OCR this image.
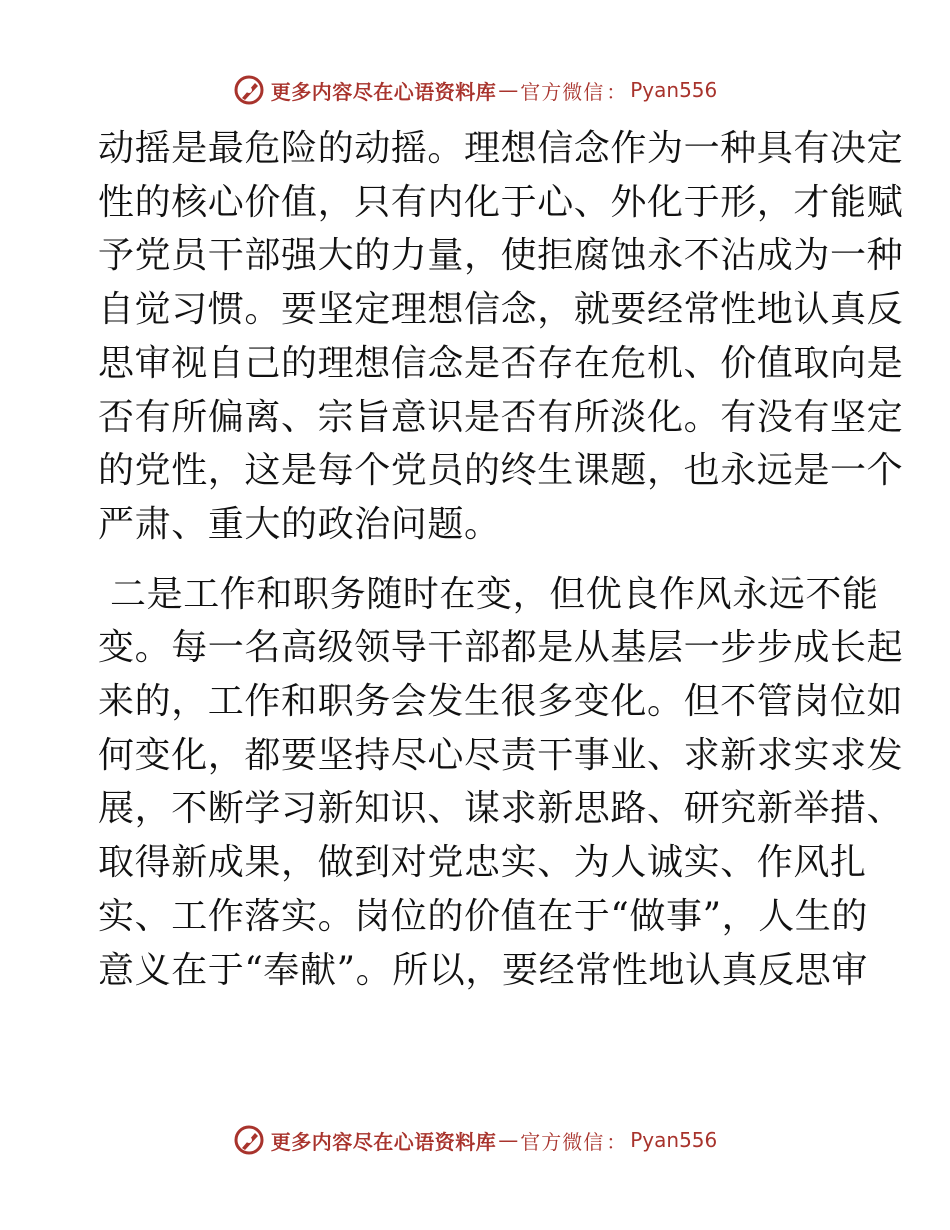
更多内容尽在心语资料库 — 官方微信 ： Pyan556

动摇是最危险的动摇。理想信念作为一种具有决定
性的核心价值，只有内化于心、外化于形，才能赋
予党员干部强大的力量，使拒腐蚀永不沾成为一种
自觉习惯。要坚定理想信念，就要经常性地认真反
思审视自己的理想信念是否存在危机、价值取向是
否有所偏离、宗旨意识是否有所淡化。有没有坚定
的党性，这是每个党员的终生课题，也永远是一个
严肃、重大的政治问题。

二是工作和职务随时在变，但优良作风永远不能
变。每一名高级领导干部都是从基层一步步成长起
来的，工作和职务会发生很多变化。但不管岗位如
何变化，都要坚持尽心尽责干事业、求新求实求发
展，不断学习新知识、谋求新思路、研究新举措、
取得新成果，做到对党忠实、为人诚实、作风扎
实、工作落实。岗位的价值在于“做事”，人生的
意义在于“奉献”。所以，要经常性地认真反思审

更多内容尽在心语资料库 — 官方微信 ： Pyan556
